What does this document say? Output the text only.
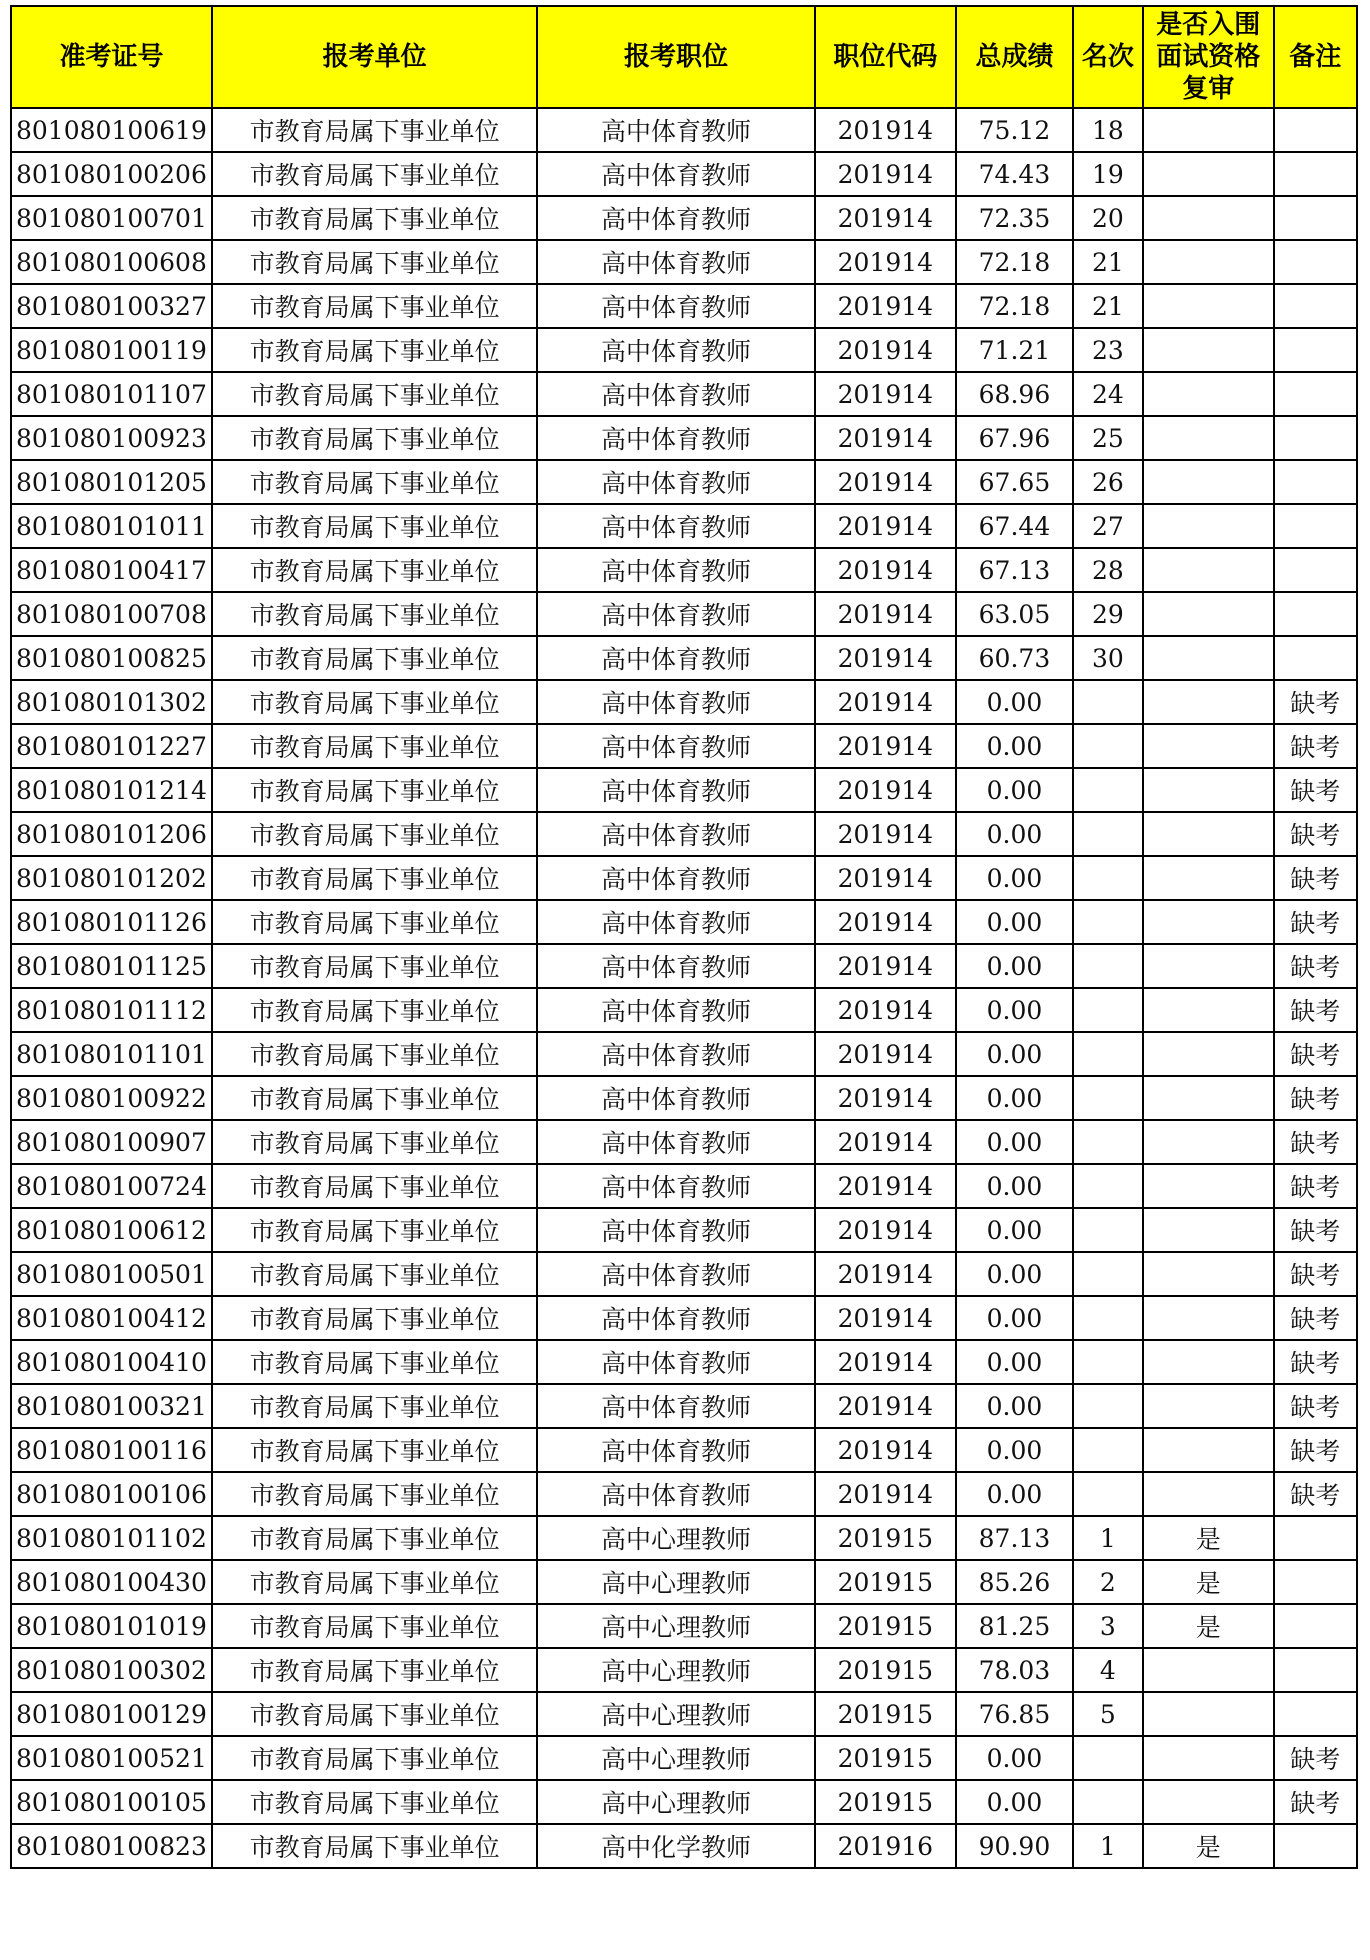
准考证号	报考单位	报考职位	职位代码	总成绩	名次	是否入围面试资格复审	备注
801080100619	市教育局属下事业单位	高中体育教师	201914	75.12	18		
801080100206	市教育局属下事业单位	高中体育教师	201914	74.43	19		
801080100701	市教育局属下事业单位	高中体育教师	201914	72.35	20		
801080100608	市教育局属下事业单位	高中体育教师	201914	72.18	21		
801080100327	市教育局属下事业单位	高中体育教师	201914	72.18	21		
801080100119	市教育局属下事业单位	高中体育教师	201914	71.21	23		
801080101107	市教育局属下事业单位	高中体育教师	201914	68.96	24		
801080100923	市教育局属下事业单位	高中体育教师	201914	67.96	25		
801080101205	市教育局属下事业单位	高中体育教师	201914	67.65	26		
801080101011	市教育局属下事业单位	高中体育教师	201914	67.44	27		
801080100417	市教育局属下事业单位	高中体育教师	201914	67.13	28		
801080100708	市教育局属下事业单位	高中体育教师	201914	63.05	29		
801080100825	市教育局属下事业单位	高中体育教师	201914	60.73	30		
801080101302	市教育局属下事业单位	高中体育教师	201914	0.00			缺考
801080101227	市教育局属下事业单位	高中体育教师	201914	0.00			缺考
801080101214	市教育局属下事业单位	高中体育教师	201914	0.00			缺考
801080101206	市教育局属下事业单位	高中体育教师	201914	0.00			缺考
801080101202	市教育局属下事业单位	高中体育教师	201914	0.00			缺考
801080101126	市教育局属下事业单位	高中体育教师	201914	0.00			缺考
801080101125	市教育局属下事业单位	高中体育教师	201914	0.00			缺考
801080101112	市教育局属下事业单位	高中体育教师	201914	0.00			缺考
801080101101	市教育局属下事业单位	高中体育教师	201914	0.00			缺考
801080100922	市教育局属下事业单位	高中体育教师	201914	0.00			缺考
801080100907	市教育局属下事业单位	高中体育教师	201914	0.00			缺考
801080100724	市教育局属下事业单位	高中体育教师	201914	0.00			缺考
801080100612	市教育局属下事业单位	高中体育教师	201914	0.00			缺考
801080100501	市教育局属下事业单位	高中体育教师	201914	0.00			缺考
801080100412	市教育局属下事业单位	高中体育教师	201914	0.00			缺考
801080100410	市教育局属下事业单位	高中体育教师	201914	0.00			缺考
801080100321	市教育局属下事业单位	高中体育教师	201914	0.00			缺考
801080100116	市教育局属下事业单位	高中体育教师	201914	0.00			缺考
801080100106	市教育局属下事业单位	高中体育教师	201914	0.00			缺考
801080101102	市教育局属下事业单位	高中心理教师	201915	87.13	1	是	
801080100430	市教育局属下事业单位	高中心理教师	201915	85.26	2	是	
801080101019	市教育局属下事业单位	高中心理教师	201915	81.25	3	是	
801080100302	市教育局属下事业单位	高中心理教师	201915	78.03	4		
801080100129	市教育局属下事业单位	高中心理教师	201915	76.85	5		
801080100521	市教育局属下事业单位	高中心理教师	201915	0.00			缺考
801080100105	市教育局属下事业单位	高中心理教师	201915	0.00			缺考
801080100823	市教育局属下事业单位	高中化学教师	201916	90.90	1	是	
